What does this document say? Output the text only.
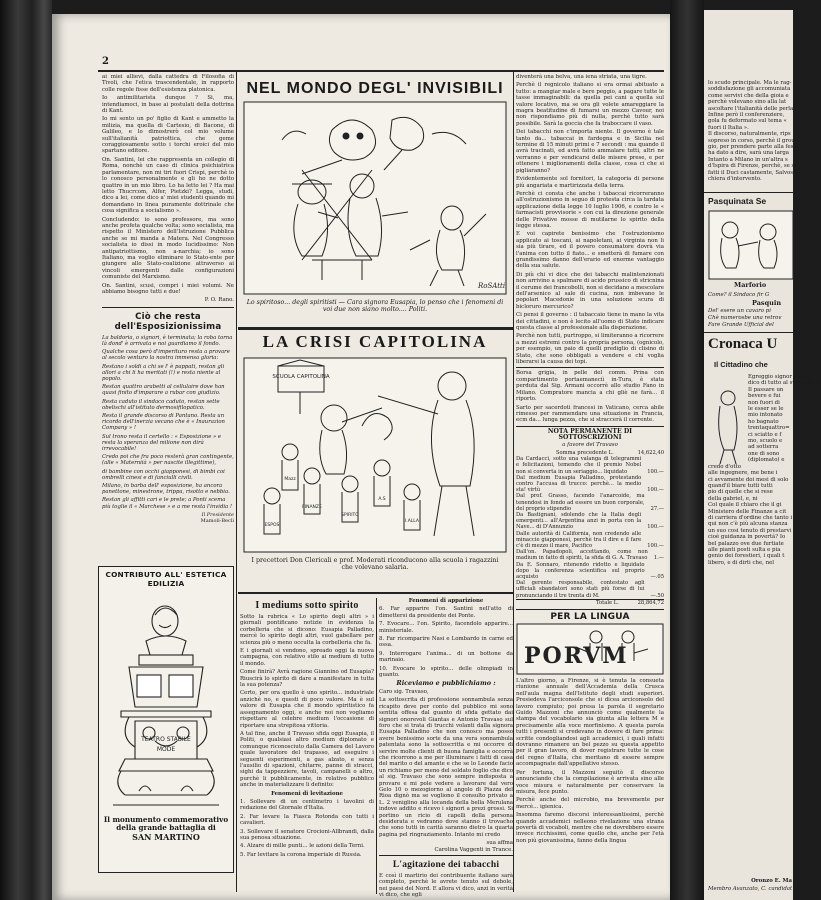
2

ai miei allievi, dalla cattedra di Filosofia di Tivoli, che l'etica trascendentale, in rapporto colle regole fisse dell'esistenza platonica.

Io antimilitarista dunque ? Si, ma, intendiamoci, in base ai postulati della dottrina di Kant.

Io mi sento un po' figlio di Kant e ammetto la milizia, ma quella di Cartesio, di Bacone, di Galileo, e lo dimostrerò col mio volume sull'italianità patriottica, che geme coraggiosamente sotto i torchi eroici del mio spartano editore.

On. Santini, lei che rappresenta un collegio di Roma, nonchè un caso di clinica psichiatrica parlamentare, non mi tiri fuori Crispi, perchè io lo conosco personalmente e gli ho ne dotto quattro in un mio libro. Lo ha letto lei ? Ha mai letto Thucrcom, Alfer, Pietzki? Legga, studi, dico a lei, come dico a' miei studenti quando mi domandano in linea puramente dottrinale che cosa significa a socialismo ».

Concludendo: io sono professore, ma sono anche profeta qualche volta; sono socialista, ma rispetto il Ministero dell'Istruzione Pubblica anche se mi manda a Matera. Nel Congresso socialista io dissi in modo lucidissimo: Non antipatriottismo, non a-narchia; io sono Italiano, ma voglio eliminare lo Stato-ente per giungere allo Stato-coalizione attraverso ai vincoli emergenti dalle configurazioni comuniste del Marxismo.

On. Santini, scusi, compri i miei volumi. Ne abbiamo bisogno tutti e due!

P. O. Rano.

Ciò che resta dell'Esposizionissima

La baldoria, o signori, è terminata; la roba torna là dond' è arrivata e noi guardiamo il fondo.

Qualche cosa però d'imperituro resta a provare al secolo venturo la nostra immensa gloria:

Restano i soldi a chi se l' è pappati, restan gli allori a chi li ha meritati (!) e resta niente al popolo.

Restan quattro arabetti al cellulaire dove han quasi finito d'imparare a rubar con giudizio.

Resta caduto il sindaco caduto, restan sette obelischi all'istituto dermosifilopatico.

Resta il grande discorso di Pantano. Resta un ricordo dell'inerzia vecano che è « Inaurazion Company » !

Sul trono resta il certello : « Esposizione » e resta la speranza del milione non dirà irrevocabile!

Credo poi che fra poco resterà gran contingente, (alle « Materniià » per nascite illegittime),

di bambine con occhi giapponesi, di bimbi coi ombrelli cinesi e di fanciulli civili.

Milano, in barba dell' esposizione, ha ancora panettone, minestrone, trippa, risotto e nebbia.

Restan gli affitti cari e le prete; a Ponti scema più toglie il « Marchese » e a me resta l'invidia !

Il Presidente

Mamoli-Becli

CONTRIBUTO ALL' ESTETICA EDILIZIA
TEATRO STABILE
MODE
Il monumento commemorativo
della grande battaglia di
SAN MARTINO
NEL MONDO DEGL' INVISIBILI
RoSAtti
Lo spiritoso... degli spiritisti — Cara signora Eusapia, lo penso che i fenomeni di voi due non siano molto.... Politi.
LA CRISI CAPITOLINA
SCUOLA CAPITOLINA
FINANZE
Mazz
SPIRITO
A.S
I.ALLA
ESPOS
I precettori Don Clericali e prof. Moderati riconducono alla scuola i ragazzini che volevano salaria.
I mediums sotto spirito

Sotto la rubrica « Lo spirito degli altri » i giornali pontificano notizie in evidenza la corbelleria che si dicono: Eusapia Palladino, mercè lo spirito degli altri, vuol gabellare per scienza più o meno occulta la corbelleria che fa.

E i giornali si vendono, spreado oggi la nuova campagna, con relativo stilo ai medium di tutto il mondo.

Come finirà? Avrà ragione Giannino od Eusapia? Riuscirà lo spirito di dare a manifestare in tutta la sua potenza?

Certo, per ora quello è uno spirito... industriale anzichè no, e questi di poco valore. Ma è sul valore di Eusapia che il mondo spiritistico fa assegnamento oggi, e anche noi non vogliamo rispettare al celebre medium l'occasione di riportare una strepitosa vittoria.

A tal fine, anche il Travaso sfida oggi Eusapia, il Politi, o qualsiasi altro medium diplomato e comunque riconosciuto dalla Camera del Lavoro quale lavoratore del trapasso, ad eseguire i seguenti esperimenti, a gas alzato, e senza l'ausilio di spazioni, chitarre, panne di stracci, sighi da tappezziere, tavoli, campanelli o altro, purchè li pubblicamente, in relativo pubblico anche in materializzare li definito:

Fenomeni di levitazione

1. Sollevare di un centimetro i tavolini di redazione del Giornale d'Italia.

2. Far levare la Fiasca Rotonda con tutti i cavalieri.

3. Sollevare il senatore Crocioni-Allbrandi, dalla sua penosa situazione.

4. Alzare di mille punti... le azioni della Terni.

5. Far levitare la corona imperiale di Russia.

Fenomeni di apparizione

6. Far apparire l'on. Santini nell'atto di dimettersi da presidente dei Ponte.

7. Evocare... l'on. Spirito, facendolo apparire... ministeriale.

8. Far ricomparire Nasi e Lombardo in carne ed ossa.

9. Interrogare l'anima... di un bottone da marinaio.

10. Evocare lo spirito... delle olimpiadi in guanto.

Riceviamo e pubblichiamo :

Caro sig. Travaso,

La sottoscrita di professione sonnambula senza ricapito deve per conto del pubblico mi sono sentita offesa dal guanto di sfida gettato dai signori onorevoli Giantas e Antonio Travaso sul foro che si trata di trucchi volanti dalla signora Eusapia Palladino che non conosco ma posso avere benissimo sorte da una vera sonnambula patentata sono la sottoscritta e mi occorre di servire molte clienti di buona famiglia e occorrà che ricorrono a me per illuminare i fatti di casa del marito o del amante e che se lo Leonde facio un richiamo per meno del soldato foglio che dico al sig. Travaso che sono sempre indisposta a provare e mi pole vedere a lavorare dal vero Gelo 10 o mezogiorno al angolo di Piazza del Rioa dignò ma se vogliono il consulto privato a L. 2 veniglino alla locanda della bella Merulana indove addito e ricevo i signori a prezi grossi. Si portino un ricio di capelli della persona desiderata e vedranno dove stanno il trovacho che sono tutti in carità saranno dietro la quarta pagina pel ringraziamento. Intanto mi credo

sua affma

Carolina Vaggenti in Trance.

L'agitazione dei tabacchi

E così il martirio dei contribuente italiano sarà completo, perchè le avrete tenuto sul debole, nei paesi del Nord. E allora vi dico, anzi in verità vi dico, che egli

diventerà una belva, una iena striata, una tigre.

Perchè il regnicolo italiano si era ormai abituato a tutto: a mangiar male e bere peggio, a pagare tutte le tasse immaginabili: da quella pei cani a quella sul valore locativo, ma se ora gli volete amareggiare la magra beatitudine di fumarsi un mezzo Cavour, noi non rispondiamo più di nulla, perchè tutto sarà possibile. Sarà la goccia che fa traboccare il vaso.

Dei tabacchi non c'importa niente. Il governo è tale tanto da... tabaccai in fardegna e in Sicilia nel termine di 15 minuti primi e 7 secondi : ma quando il avrà tracinati, ed avrà fatto ammalare tutti, altri ne verranno e per vendicarsi delle misere prese, e per ottenere i miglioramenti della classe, cosa ci che si pigliaranno?

Evidentemente sol fornitori, la categoria di persone più angariata e martirizzata della terra.

Perchè ci consta che anche i tabaccai ricorreranno all'ostruzionismo in seguo di protesta circa la tardata applicazione della legge 10 luglio 1906, e contro le « farmacisti provvisorie » con cui la direzione generale delle Privative mosse di mutilarne lo spirito della legge stessa.

E voi capirete benissimo che l'ostruzionismo applicato ai toscani, ai napoletani, ai virginia non li sia più tirare, ed il povero consumatore dovrà via l'anima con tutto il fiato... e smetterà di fumare con grandissimo danno dell'erario ed enorme vantaggio della sua salute.

Di più chi vi dice che dei tabacchi malintenzionati non arrivino a spalmare di acido prussico di stricnina il cerume dei francobolli, non si decidano a mescolare dell'arsenico al sale di cucina, non imbevano le popolari Macedonie in una soluzione scura di bicloruro mercurico?

Ci pensi il governo : il tabaccaio tiene in mano la vita dei cittadini, e non è lecito all'uomo di Stato indicare questa classe al professionale alla disperazione.

Perchè non tutti, purtroppo, si limiteranno a ricorrere a mezzi estremi contro la propria persona, (ognicolo, per esempio, un paio di quelli prediglio di clisino di Stato, che sono obbligati a vendere e chi voglia liberarsi la causa dei topi.

Borsa grigia, in pelle del comm. Prina con compartimento portaemaneciì in-Tura, è stata perduta dal Sig. Armani occorrè allo studio Fano in Milano. Compratore mancia a chi gliè ne farà... il riporto.

Sarto per sacerdoti francesi in Vaticano, cerca abile rimesso per rammendare una situazione in Francia, ecm da... lunga pezza, che si straccerà il corrente.

NOTA PERMANENTE DI SOTTOSCRIZIONI

a favore del Travaso

Somma precedente L.	14,622,40
Da Cardacci, sotto una valanga di telegrammi e felicitazioni, temendo che il premio Nobel non si converta in un seriaggio... liquidato	100.—
Dal medium Eusapia Palladino, protestando contro l'accusa di trucco: perchè... la medio sta! virtù	100.—
Dal prof. Grasso, facendo l'anarcoide, ma tenendosi in fondo ad essere un buon corporale, del proprio stipendio	27.—
Da Bastignani, sdolendo che la Italia degli emergenti... all'Argentina anzi in porta con la Nave... di D'Annunzio	100.—
Dalle autorità di California, non credendo alle minaccie giapponesi, perchè tra il dire e il fare c'è di mezzo il mare, Pacifico	100.—
Dall'on. Papadopoli, accettando, come non madium in fatto di spiriti, la sfida di G. A. Travaso	1.—
Da E. Sonnaro, ritenendo ridotto e liquidato dopo la conferenza scientifica sul proprio acquisto	—.05
Dal gerente responsabile, contestato agli ufficiali sbandatori sono stati più forse di lui pronunciando il tre trenta di M.	—.50
Totale L.	28,864,72
PER LA LINGUA
PORVM

L'altro giorno, a Firenze, si è tenuta la consueta riunione annuale dell'Accademia della Crusca nell'aula magna dell'Istituto degli studi superiori. Presiedeva l'arciconsole che si dicea arciconsolo del lavoro compiuto; poi presa la parola il segretario Guido Mazzoni che annunciò come qualmente la stampa del vocabolario sia giunta alla lettera M e precisamente alla voce morfinismo. A questa parola tutti i presenti si credevano in dovere di fare prima: scritte condogliandosi agli accademici, i quali infatti dovranno rimanere un bel pezzo su questa appetito per il gran lavoro, di dover registrare tutte le cose del regno d'Italia, che meritano di essere sempre accompagnate dall'appellativo stesso.

Per fortuna, il Mazzoni seguitò il discorso annunciando che la compilazione è arrivata sino alle voce misura e naturalmente per conservare la misura, fece punto.

Perchè anche del microbio, ma brevemente per mercè... igienica.

Insomma faremo discorsi interessantissimi, perchè quando accademici nelleono rivelazione una strana povertà di vocaboli, mentre che ne dovrebbero essere invece ricchissimi, come quello che, anche per l'età non più giovanissima, fanno della lingua

lo scudo principale. Ma le rag-
soddisfazione gli accomuniata
come servivi che della gioia e
perchè volevano sino alla lat
ascoltare l'italianità delle perla
Infine però il conferenziere,
gola fu deformato sul tema «
fuori il Italia ».
Il discorso, naturalmente, rips
sopreso in corso, perchè il grou
gio, per prendere parte alla fesse
ha dato a dire, sarà una larga
Intanto a Milano in un'altra s
d'Ispira di Firenze, perchè, se si
fatti il Duci castamente, Salvos
chiera d'intervento.
Pasquinata Se
Marforio
Come? il Sindaco fir G
Pasquin
Del' esere un cavaro pi
Chè numerosbe una retrov
Fare Grande Ufficial del
Cronaca U
Il Cittadino che
Egreggio signor crono
dico di tutto al sviluppo ad
Il passare un
bevere e fui
non fuori di
le esser se le
mio intonato
ho bagnato
trentaquattro=
ci sciatto e f
mo, scuolo e
ad sotterra
one di sono
(diplomato) e
credo d'otto
alle ingegnere, me bene i
ci avvamente doi mesi di solo
quand'il biare tutti tutti
pio di quelle che si rese
della gabriel, e, ni
Col quale il chiaro che il gi
Ministero delle Finanze a cit
di carriera d'ordine che tanto i
qui non c'è più alcuna stanza
un suo cosi tenuto di prestarvi
cioè guidanza in povertà? Io
bel palazzo ove due furtiate
alle pianti posti sulta e pia
genio dei forestieri, i quali t
libero, e di dirti che, nel
Oronzo E. Ma
Membro Avanzato, C. candidat
